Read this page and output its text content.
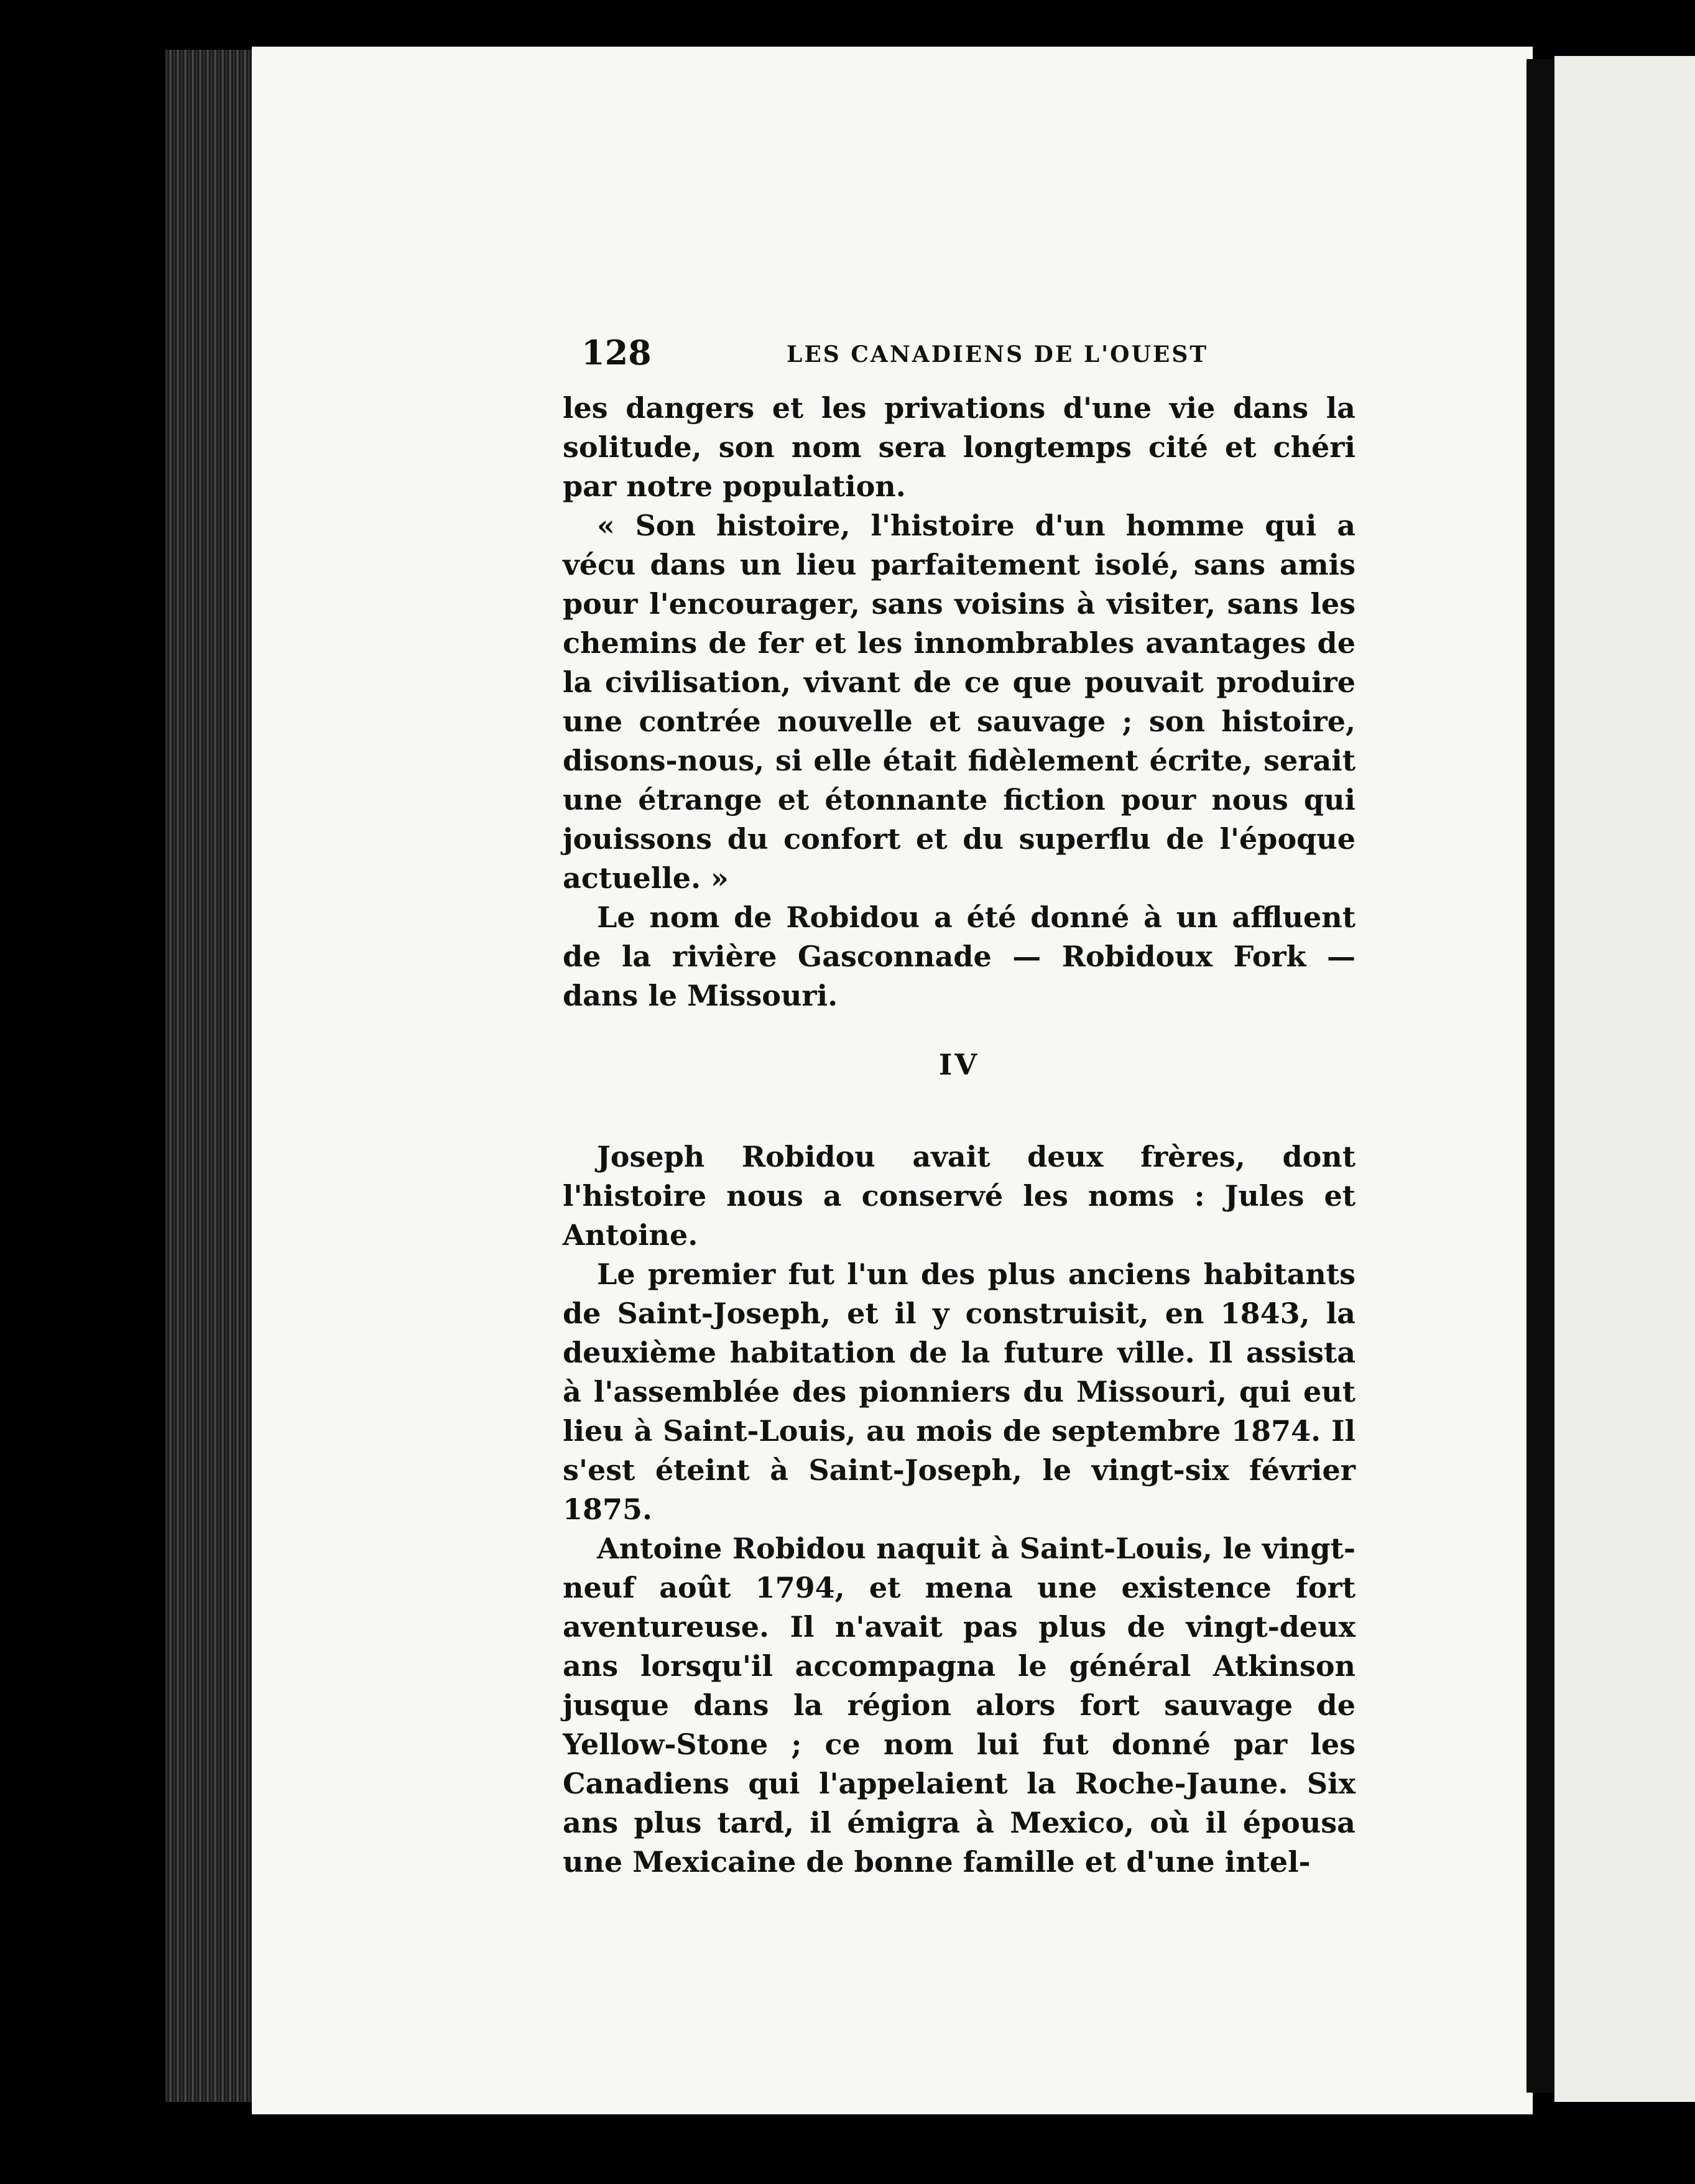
128	LES CANADIENS DE L'OUEST

les dangers et les privations d'une vie dans la solitude, son nom sera longtemps cité et chéri par notre population.

« Son histoire, l'histoire d'un homme qui a vécu dans un lieu parfaitement isolé, sans amis pour l'encourager, sans voisins à visiter, sans les chemins de fer et les innombrables avantages de la civilisation, vivant de ce que pouvait produire une contrée nouvelle et sauvage ; son histoire, disons-nous, si elle était fidèlement écrite, serait une étrange et étonnante fiction pour nous qui jouissons du confort et du superflu de l'époque actuelle. »

Le nom de Robidou a été donné à un affluent de la rivière Gasconnade — Robidoux Fork — dans le Missouri.

IV

Joseph Robidou avait deux frères, dont l'histoire nous a conservé les noms : Jules et Antoine.

Le premier fut l'un des plus anciens habitants de Saint-Joseph, et il y construisit, en 1843, la deuxième habitation de la future ville. Il assista à l'assemblée des pionniers du Missouri, qui eut lieu à Saint-Louis, au mois de septembre 1874. Il s'est éteint à Saint-Joseph, le vingt-six février 1875.

Antoine Robidou naquit à Saint-Louis, le vingt-neuf août 1794, et mena une existence fort aventureuse. Il n'avait pas plus de vingt-deux ans lorsqu'il accompagna le général Atkinson jusque dans la région alors fort sauvage de Yellow-Stone ; ce nom lui fut donné par les Canadiens qui l'appelaient la Roche-Jaune. Six ans plus tard, il émigra à Mexico, où il épousa une Mexicaine de bonne famille et d'une intel-
